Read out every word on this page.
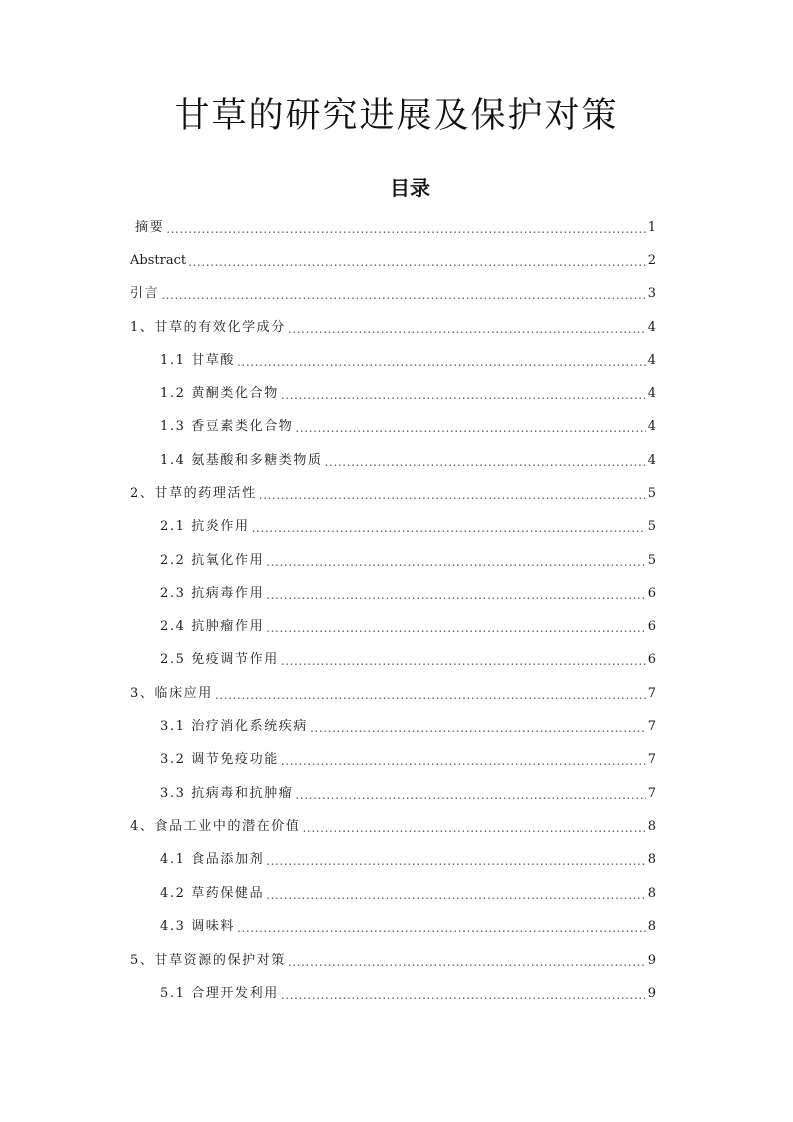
甘草的研究进展及保护对策
目录
摘要 .....	1
Abstract .....	2
引言 .....	3
1、甘草的有效化学成分 .....	4
1.1 甘草酸 .....	4
1.2 黄酮类化合物 .....	4
1.3 香豆素类化合物 .....	4
1.4 氨基酸和多糖类物质 .....	4
2、甘草的药理活性 .....	5
2.1 抗炎作用 .....	5
2.2 抗氧化作用 .....	5
2.3 抗病毒作用 .....	6
2.4 抗肿瘤作用 .....	6
2.5 免疫调节作用 .....	6
3、临床应用 .....	7
3.1 治疗消化系统疾病 .....	7
3.2 调节免疫功能 .....	7
3.3 抗病毒和抗肿瘤 .....	7
4、食品工业中的潜在价值 .....	8
4.1 食品添加剂 .....	8
4.2 草药保健品 .....	8
4.3 调味料 .....	8
5、甘草资源的保护对策 .....	9
5.1 合理开发利用 .....	9
